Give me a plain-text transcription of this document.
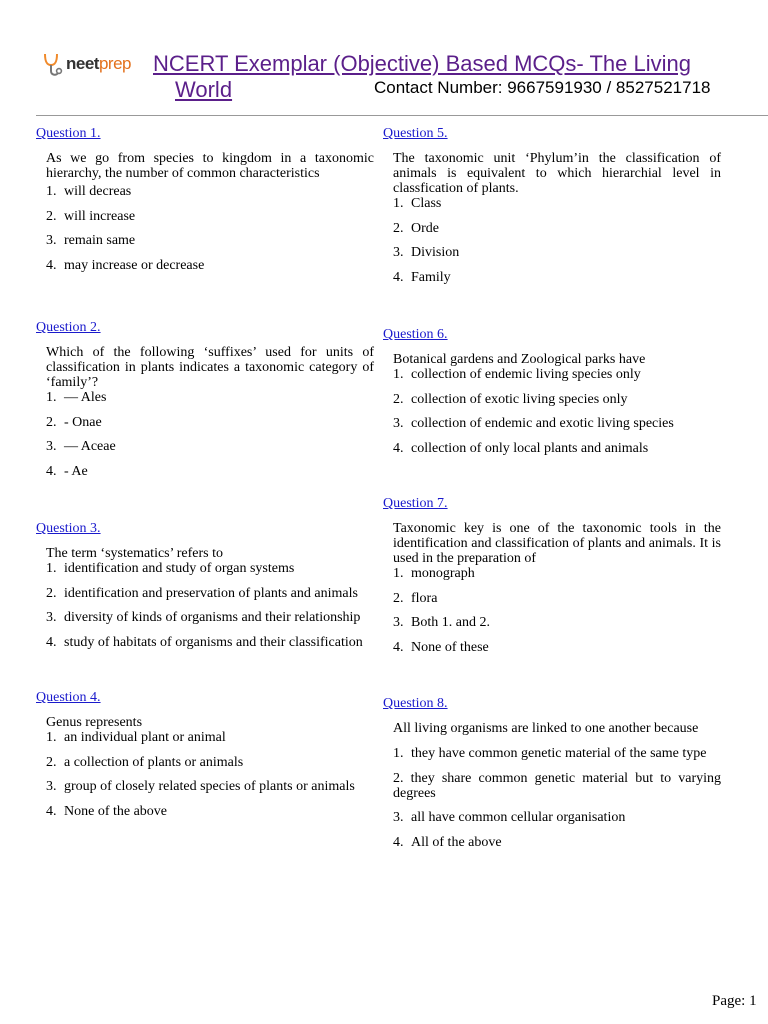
neetprep NCERT Exemplar (Objective) Based MCQs- The Living
World	Contact Number: 9667591930 / 8527521718
Question 1.
As we go from species to kingdom in a taxonomic hierarchy, the number of common characteristics
1. will decreas
2. will increase
3. remain same
4. may increase or decrease
Question 2.
Which of the following ‘suffixes’ used for units of classification in plants indicates a taxonomic category of ‘family’?
1. — Ales
2. - Onae
3. — Aceae
4. - Ae
Question 3.
The term ‘systematics’ refers to
1. identification and study of organ systems
2. identification and preservation of plants and animals
3. diversity of kinds of organisms and their relationship
4. study of habitats of organisms and their classification
Question 4.
Genus represents
1. an individual plant or animal
2. a collection of plants or animals
3. group of closely related species of plants or animals
4. None of the above
Question 5.
The taxonomic unit ‘Phylum’in the classification of animals is equivalent to which hierarchial level in classfication of plants.
1. Class
2. Orde
3. Division
4. Family
Question 6.
Botanical gardens and Zoological parks have
1. collection of endemic living species only
2. collection of exotic living species only
3. collection of endemic and exotic living species
4. collection of only local plants and animals
Question 7.
Taxonomic key is one of the taxonomic tools in the identification and classification of plants and animals. It is used in the preparation of
1. monograph
2. flora
3. Both 1. and 2.
4. None of these
Question 8.
All living organisms are linked to one another because
1. they have common genetic material of the same type
2. they share common genetic material but to varying degrees
3. all have common cellular organisation
4. All of the above
Page: 1
